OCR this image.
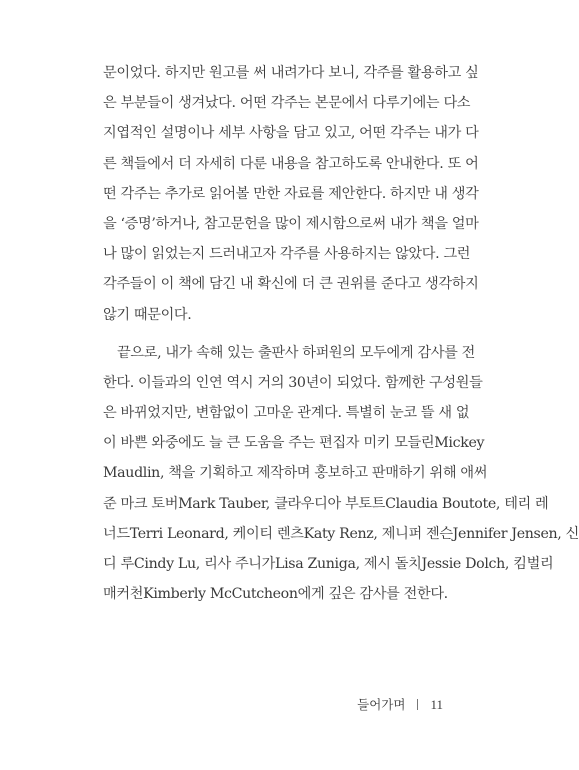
문이었다. 하지만 원고를 써 내려가다 보니, 각주를 활용하고 싶
은 부분들이 생겨났다. 어떤 각주는 본문에서 다루기에는 다소
지엽적인 설명이나 세부 사항을 담고 있고, 어떤 각주는 내가 다
른 책들에서 더 자세히 다룬 내용을 참고하도록 안내한다. 또 어
떤 각주는 추가로 읽어볼 만한 자료를 제안한다. 하지만 내 생각
을 ‘증명’하거나, 참고문헌을 많이 제시함으로써 내가 책을 얼마
나 많이 읽었는지 드러내고자 각주를 사용하지는 않았다. 그런
각주들이 이 책에 담긴 내 확신에 더 큰 권위를 준다고 생각하지
않기 때문이다.
끝으로, 내가 속해 있는 출판사 하퍼원의 모두에게 감사를 전
한다. 이들과의 인연 역시 거의 30년이 되었다. 함께한 구성원들
은 바뀌었지만, 변함없이 고마운 관계다. 특별히 눈코 뜰 새 없
이 바쁜 와중에도 늘 큰 도움을 주는 편집자 미키 모들린Mickey
Maudlin, 책을 기획하고 제작하며 홍보하고 판매하기 위해 애써
준 마크 토버Mark Tauber, 클라우디아 부토트Claudia Boutote, 테리 레
너드Terri Leonard, 케이티 렌츠Katy Renz, 제니퍼 젠슨Jennifer Jensen, 신
디 루Cindy Lu, 리사 주니가Lisa Zuniga, 제시 돌치Jessie Dolch, 킴벌리
매커천Kimberly McCutcheon에게 깊은 감사를 전한다.
들어가며 11
